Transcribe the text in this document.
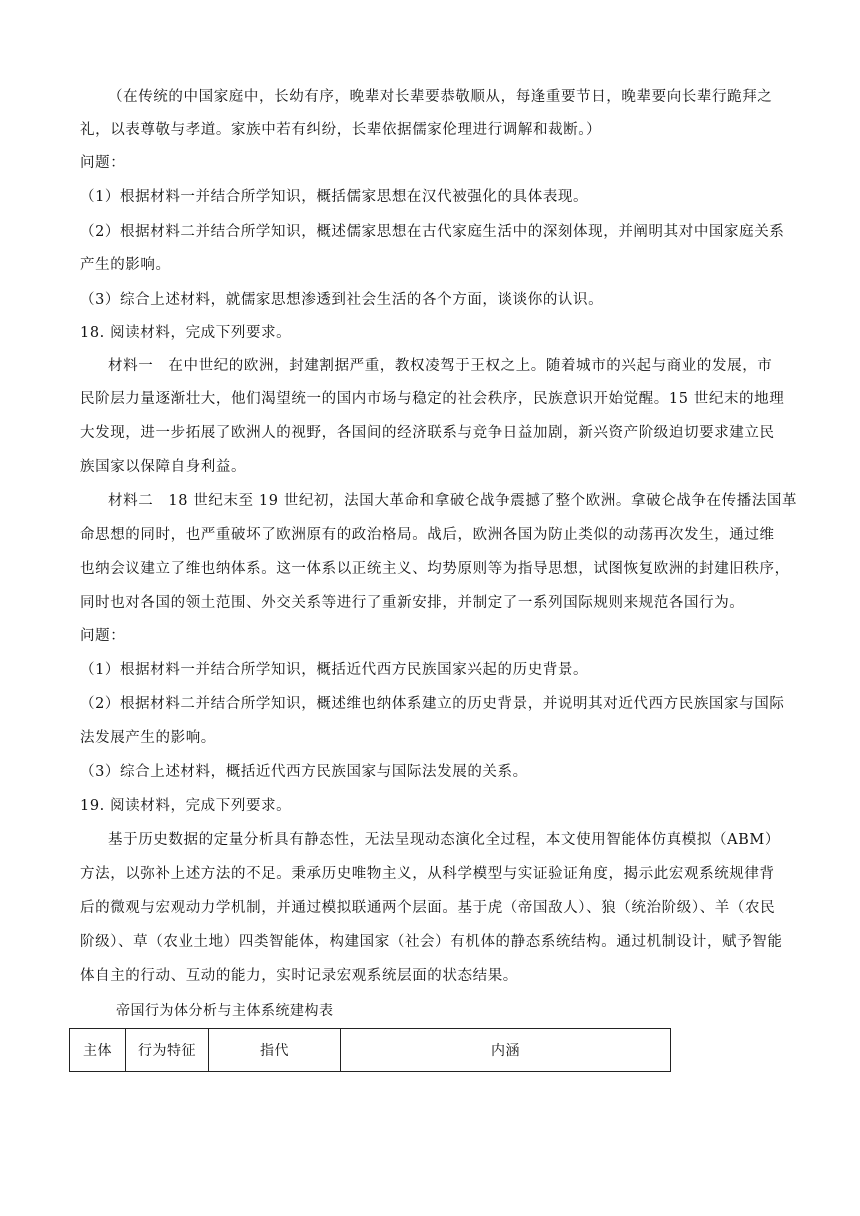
（在传统的中国家庭中，长幼有序，晚辈对长辈要恭敬顺从，每逢重要节日，晚辈要向长辈行跪拜之
礼，以表尊敬与孝道。家族中若有纠纷，长辈依据儒家伦理进行调解和裁断。）
问题：
（1）根据材料一并结合所学知识，概括儒家思想在汉代被强化的具体表现。
（2）根据材料二并结合所学知识，概述儒家思想在古代家庭生活中的深刻体现，并阐明其对中国家庭关系
产生的影响。
（3）综合上述材料，就儒家思想渗透到社会生活的各个方面，谈谈你的认识。
18. 阅读材料，完成下列要求。
材料一　在中世纪的欧洲，封建割据严重，教权凌驾于王权之上。随着城市的兴起与商业的发展，市
民阶层力量逐渐壮大，他们渴望统一的国内市场与稳定的社会秩序，民族意识开始觉醒。15 世纪末的地理
大发现，进一步拓展了欧洲人的视野，各国间的经济联系与竞争日益加剧，新兴资产阶级迫切要求建立民
族国家以保障自身利益。
材料二　18 世纪末至 19 世纪初，法国大革命和拿破仑战争震撼了整个欧洲。拿破仑战争在传播法国革
命思想的同时，也严重破坏了欧洲原有的政治格局。战后，欧洲各国为防止类似的动荡再次发生，通过维
也纳会议建立了维也纳体系。这一体系以正统主义、均势原则等为指导思想，试图恢复欧洲的封建旧秩序，
同时也对各国的领土范围、外交关系等进行了重新安排，并制定了一系列国际规则来规范各国行为。
问题：
（1）根据材料一并结合所学知识，概括近代西方民族国家兴起的历史背景。
（2）根据材料二并结合所学知识，概述维也纳体系建立的历史背景，并说明其对近代西方民族国家与国际
法发展产生的影响。
（3）综合上述材料，概括近代西方民族国家与国际法发展的关系。
19. 阅读材料，完成下列要求。
基于历史数据的定量分析具有静态性，无法呈现动态演化全过程，本文使用智能体仿真模拟（ABM）
方法，以弥补上述方法的不足。秉承历史唯物主义，从科学模型与实证验证角度，揭示此宏观系统规律背
后的微观与宏观动力学机制，并通过模拟联通两个层面。基于虎（帝国敌人）、狼（统治阶级）、羊（农民
阶级）、草（农业土地）四类智能体，构建国家（社会）有机体的静态系统结构。通过机制设计，赋予智能
体自主的行动、互动的能力，实时记录宏观系统层面的状态结果。
帝国行为体分析与主体系统建构表
主体	行为特征	指代	内涵
